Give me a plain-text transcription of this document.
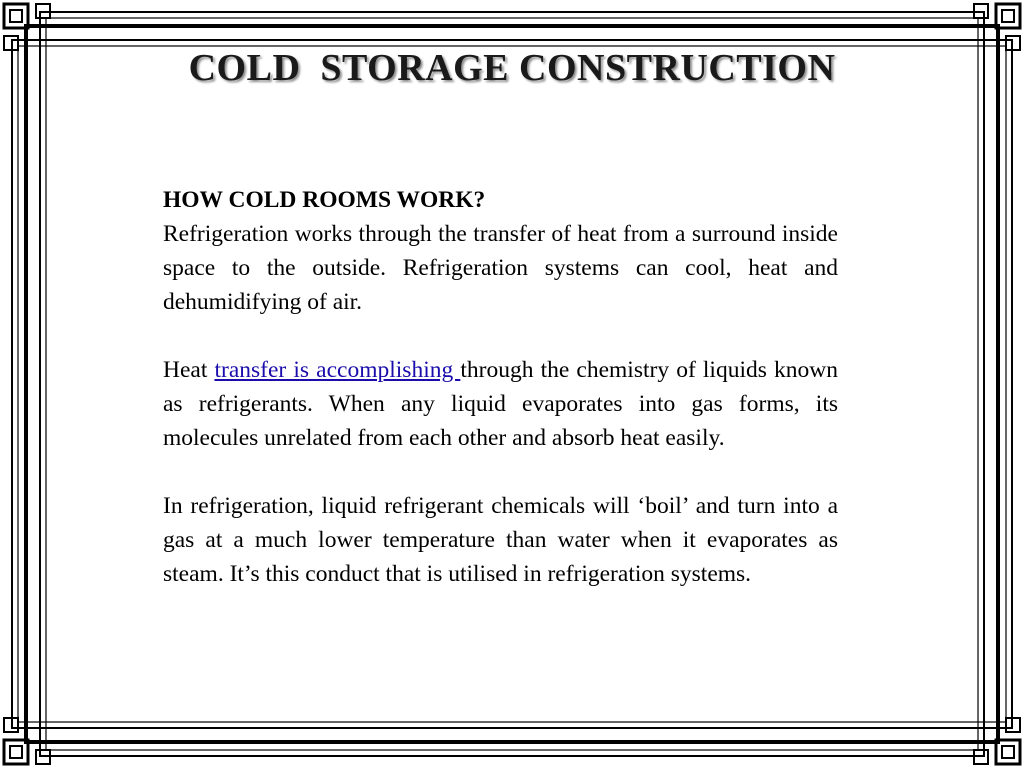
COLD  STORAGE CONSTRUCTION

HOW COLD ROOMS WORK?

Refrigeration works through the transfer of heat from a surround inside space to the outside. Refrigeration systems can cool, heat and dehumidifying of air.

Heat transfer is accomplishing through the chemistry of liquids known as refrigerants. When any liquid evaporates into gas forms, its molecules unrelated from each other and absorb heat easily.

In refrigeration, liquid refrigerant chemicals will ‘boil’ and turn into a gas at a much lower temperature than water when it evaporates as steam. It’s this conduct that is utilised in refrigeration systems.
